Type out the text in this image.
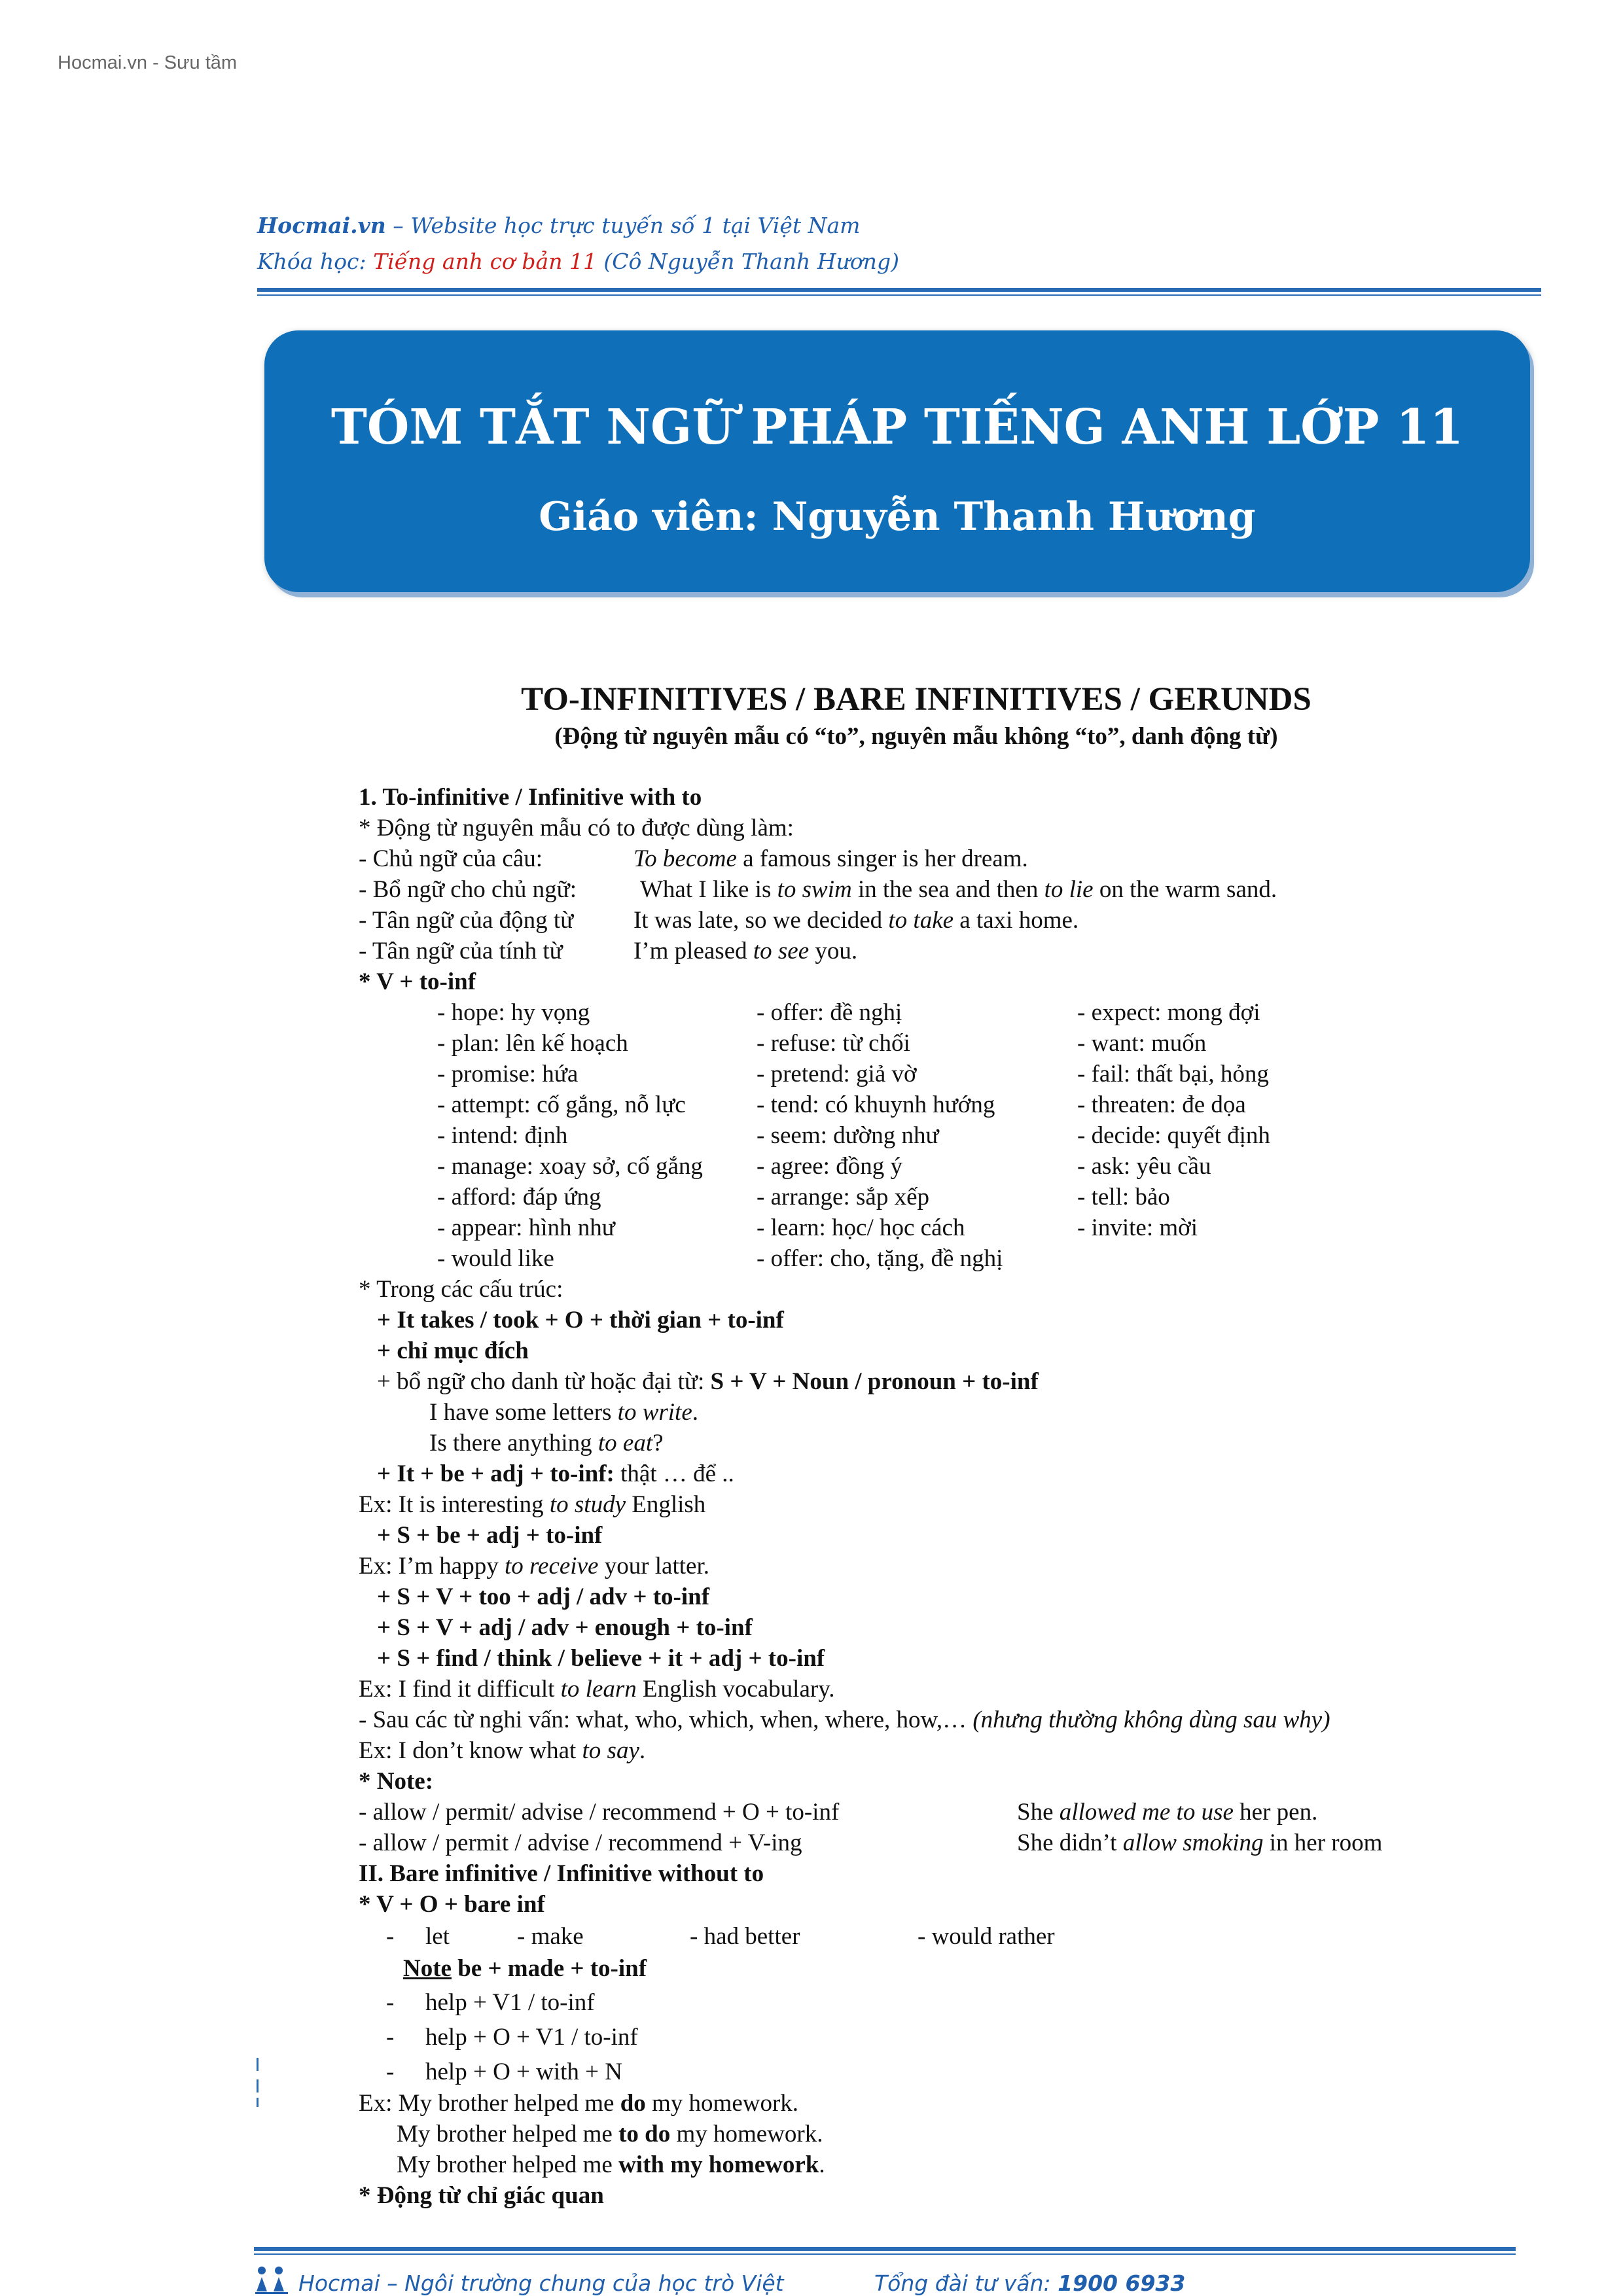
Hocmai.vn - Sưu tầm
Hocmai.vn – Website học trực tuyến số 1 tại Việt Nam
Khóa học: Tiếng anh cơ bản 11 (Cô Nguyễn Thanh Hương)
TÓM TẮT NGỮ PHÁP TIẾNG ANH LỚP 11
Giáo viên: Nguyễn Thanh Hương
TO-INFINITIVES / BARE INFINITIVES / GERUNDS
(Động từ nguyên mẫu có “to”, nguyên mẫu không “to”, danh động từ)
1. To-infinitive / Infinitive with to
* Động từ nguyên mẫu có to được dùng làm:
- Chủ ngữ của câu:	To become a famous singer is her dream.
- Bổ ngữ cho chủ ngữ:	What I like is to swim in the sea and then to lie on the warm sand.
- Tân ngữ của động từ It was late, so we decided to take a taxi home.
- Tân ngữ của tính từ	I’m pleased to see you.
* V + to-inf
- hope: hy vọng	- offer: đề nghị	- expect: mong đợi
- plan: lên kế hoạch	- refuse: từ chối	- want: muốn
- promise: hứa	- pretend: giả vờ	- fail: thất bại, hỏng
- attempt: cố gắng, nỗ lực	- tend: có khuynh hướng	- threaten: đe dọa
- intend: định	- seem: dường như	- decide: quyết định
- manage: xoay sở, cố gắng - agree: đồng ý	- ask: yêu cầu
- afford: đáp ứng	- arrange: sắp xếp	- tell: bảo
- appear: hình như	- learn: học/ học cách	- invite: mời
- would like	- offer: cho, tặng, đề nghị
* Trong các cấu trúc:
+ It takes / took + O + thời gian + to-inf
+ chỉ mục đích
+ bổ ngữ cho danh từ hoặc đại từ: S + V + Noun / pronoun + to-inf
I have some letters to write.
Is there anything to eat?
+ It + be + adj + to-inf: thật … để ..
Ex: It is interesting to study English
+ S + be + adj + to-inf
Ex: I’m happy to receive your latter.
+ S + V + too + adj / adv + to-inf
+ S + V + adj / adv + enough + to-inf
+ S + find / think / believe + it + adj + to-inf
Ex: I find it difficult to learn English vocabulary.
- Sau các từ nghi vấn: what, who, which, when, where, how,… (nhưng thường không dùng sau why)
Ex: I don’t know what to say.
* Note:
- allow / permit/ advise / recommend + O + to-inf	She allowed me to use her pen.
- allow / permit / advise / recommend + V-ing	She didn’t allow smoking in her room
II. Bare infinitive / Infinitive without to
* V + O + bare inf
- let	- make	- had better	- would rather
Note be + made + to-inf
- help + V1 / to-inf
- help + O + V1 / to-inf
- help + O + with + N
Ex: My brother helped me do my homework.
My brother helped me to do my homework.
My brother helped me with my homework.
* Động từ chỉ giác quan
Hocmai – Ngôi trường chung của học trò Việt	Tổng đài tư vấn: 1900 6933
